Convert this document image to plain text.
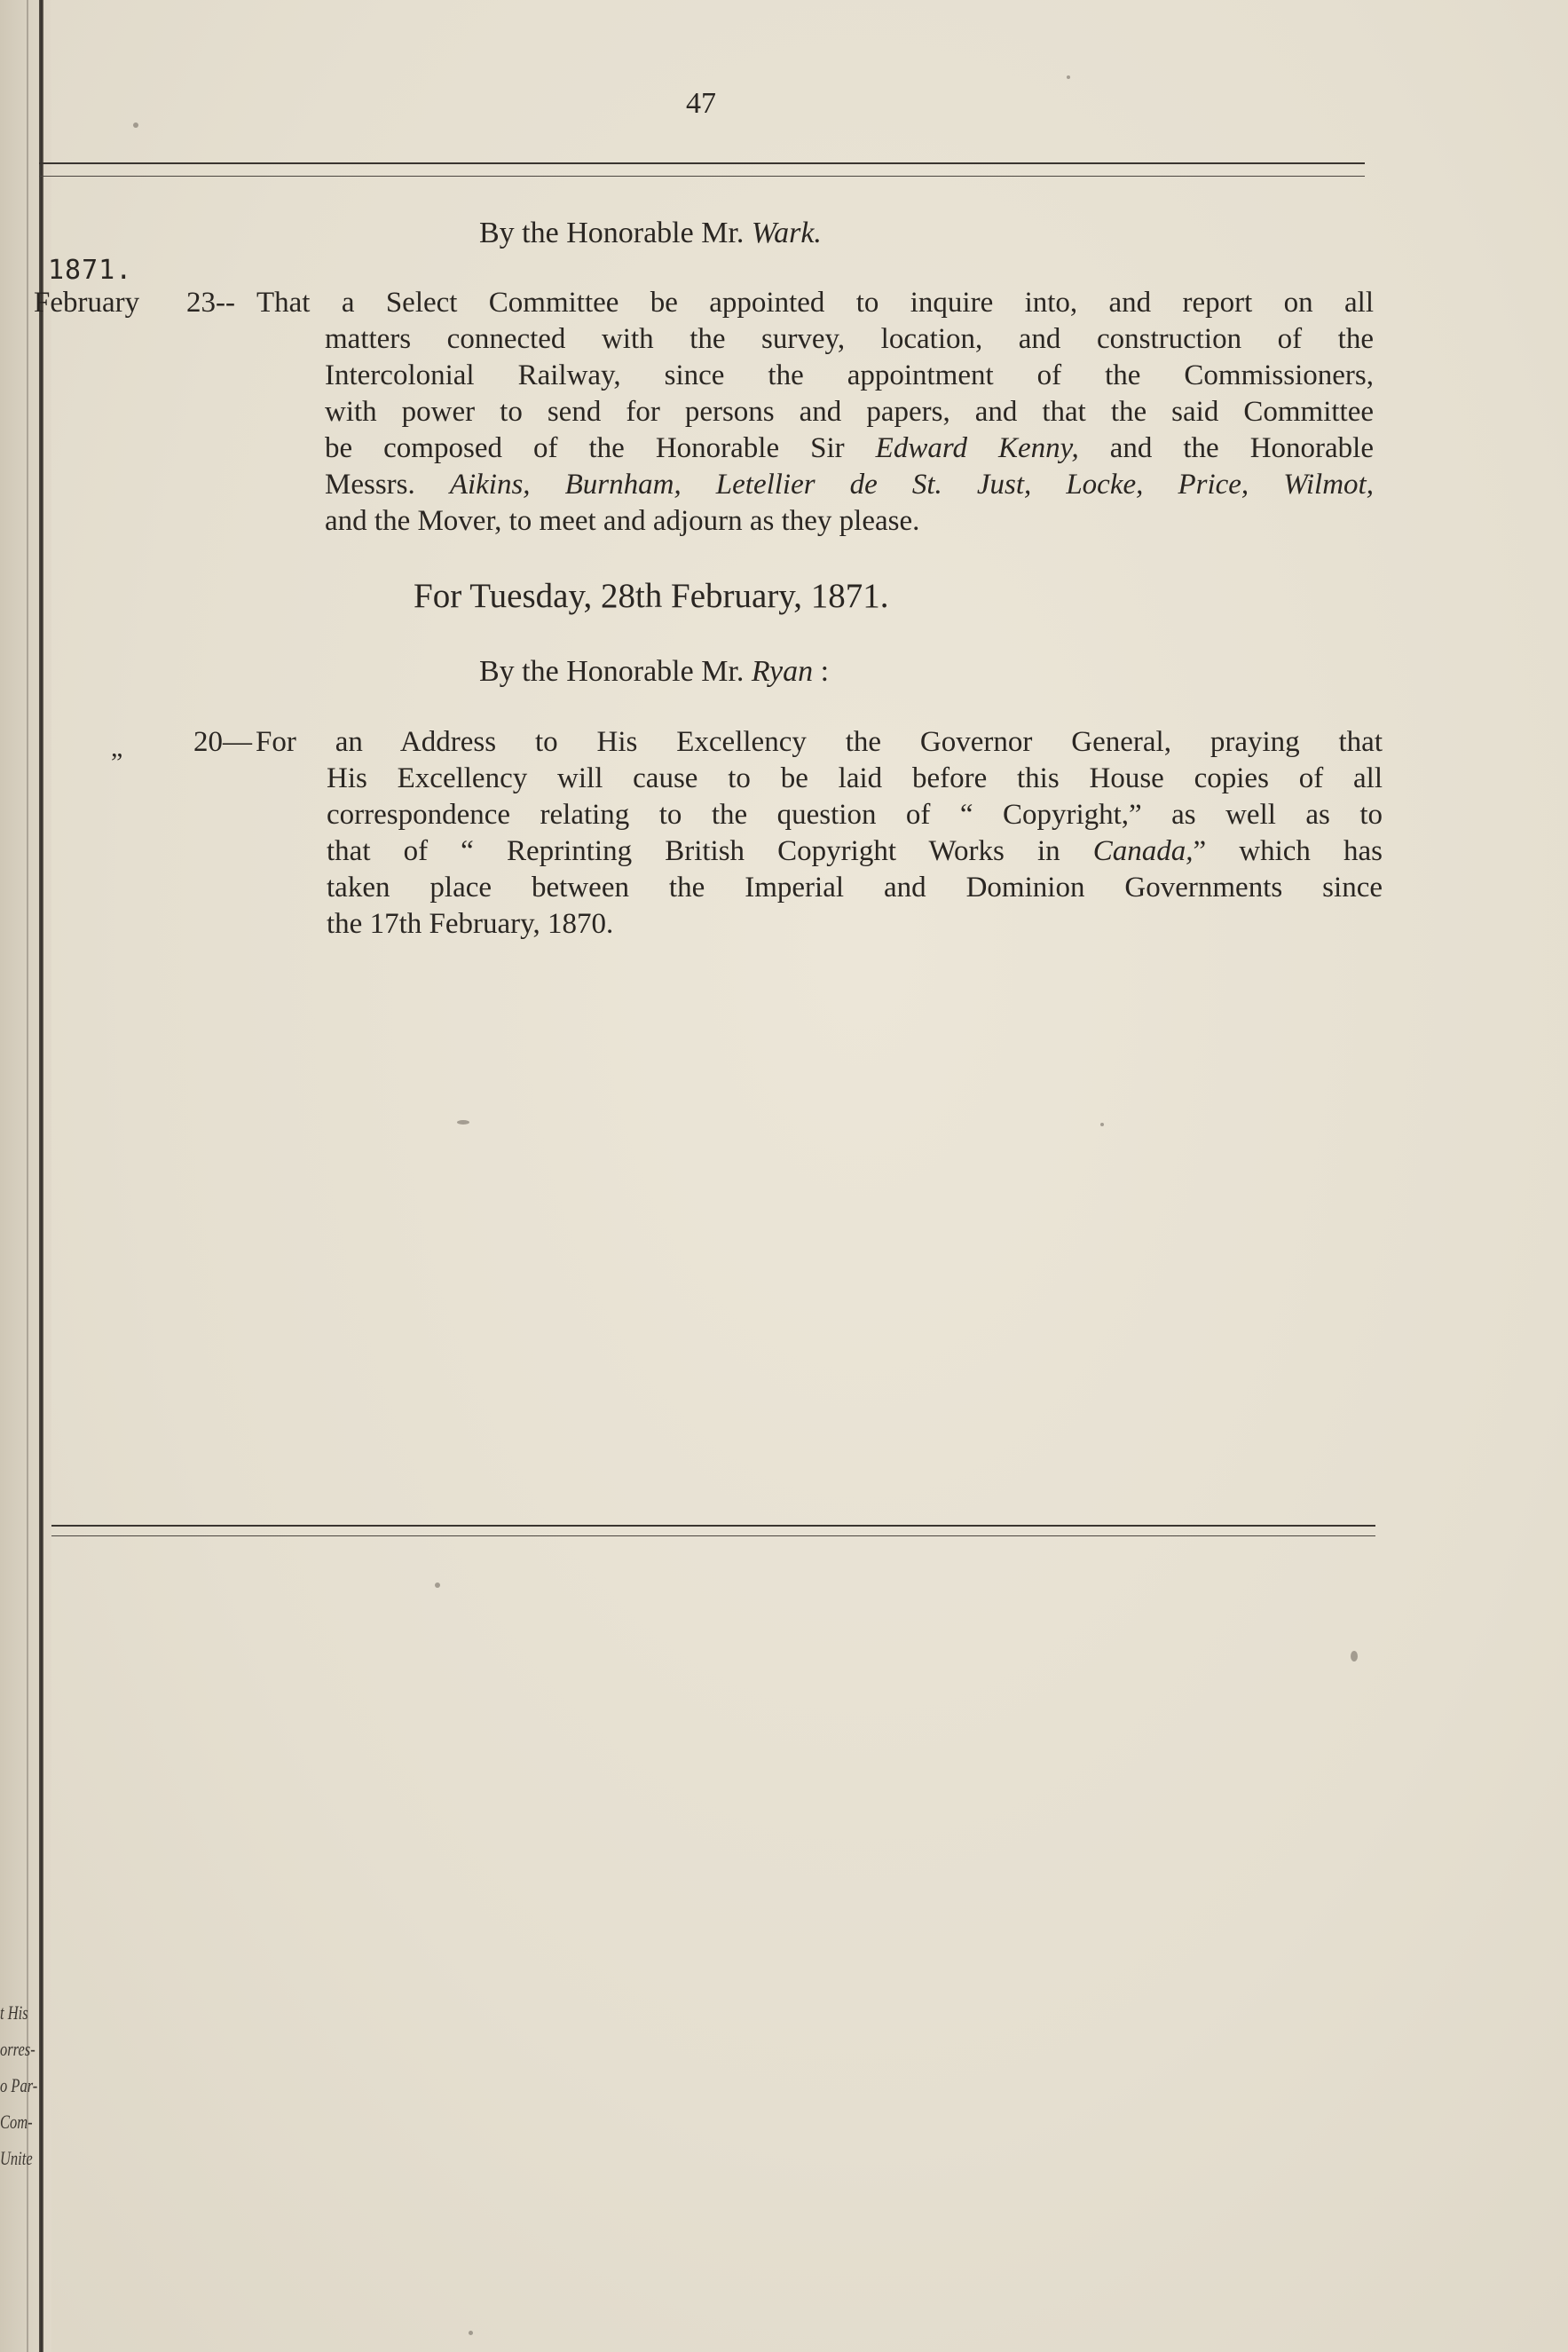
47
By the Honorable Mr. Wark.
1871.
February 23-- That a Select Committee be appointed to inquire into, and report on all
matters connected with the survey, location, and construction of the
Intercolonial Railway, since the appointment of the Commissioners,
with power to send for persons and papers, and that the said Committee
be composed of the Honorable Sir Edward Kenny, and the Honorable
Messrs. Aikins, Burnham, Letellier de St. Just, Locke, Price, Wilmot,
and the Mover, to meet and adjourn as they please.
For Tuesday, 28th February, 1871.
By the Honorable Mr. Ryan :
„ 20— For an Address to His Excellency the Governor General, praying that
His Excellency will cause to be laid before this House copies of all
correspondence relating to the question of “ Copyright,” as well as to
that of “ Reprinting British Copyright Works in Canada,” which has
taken place between the Imperial and Dominion Governments since
the 17th February, 1870.
t His
orres-
o Par-
Com-
Unite
